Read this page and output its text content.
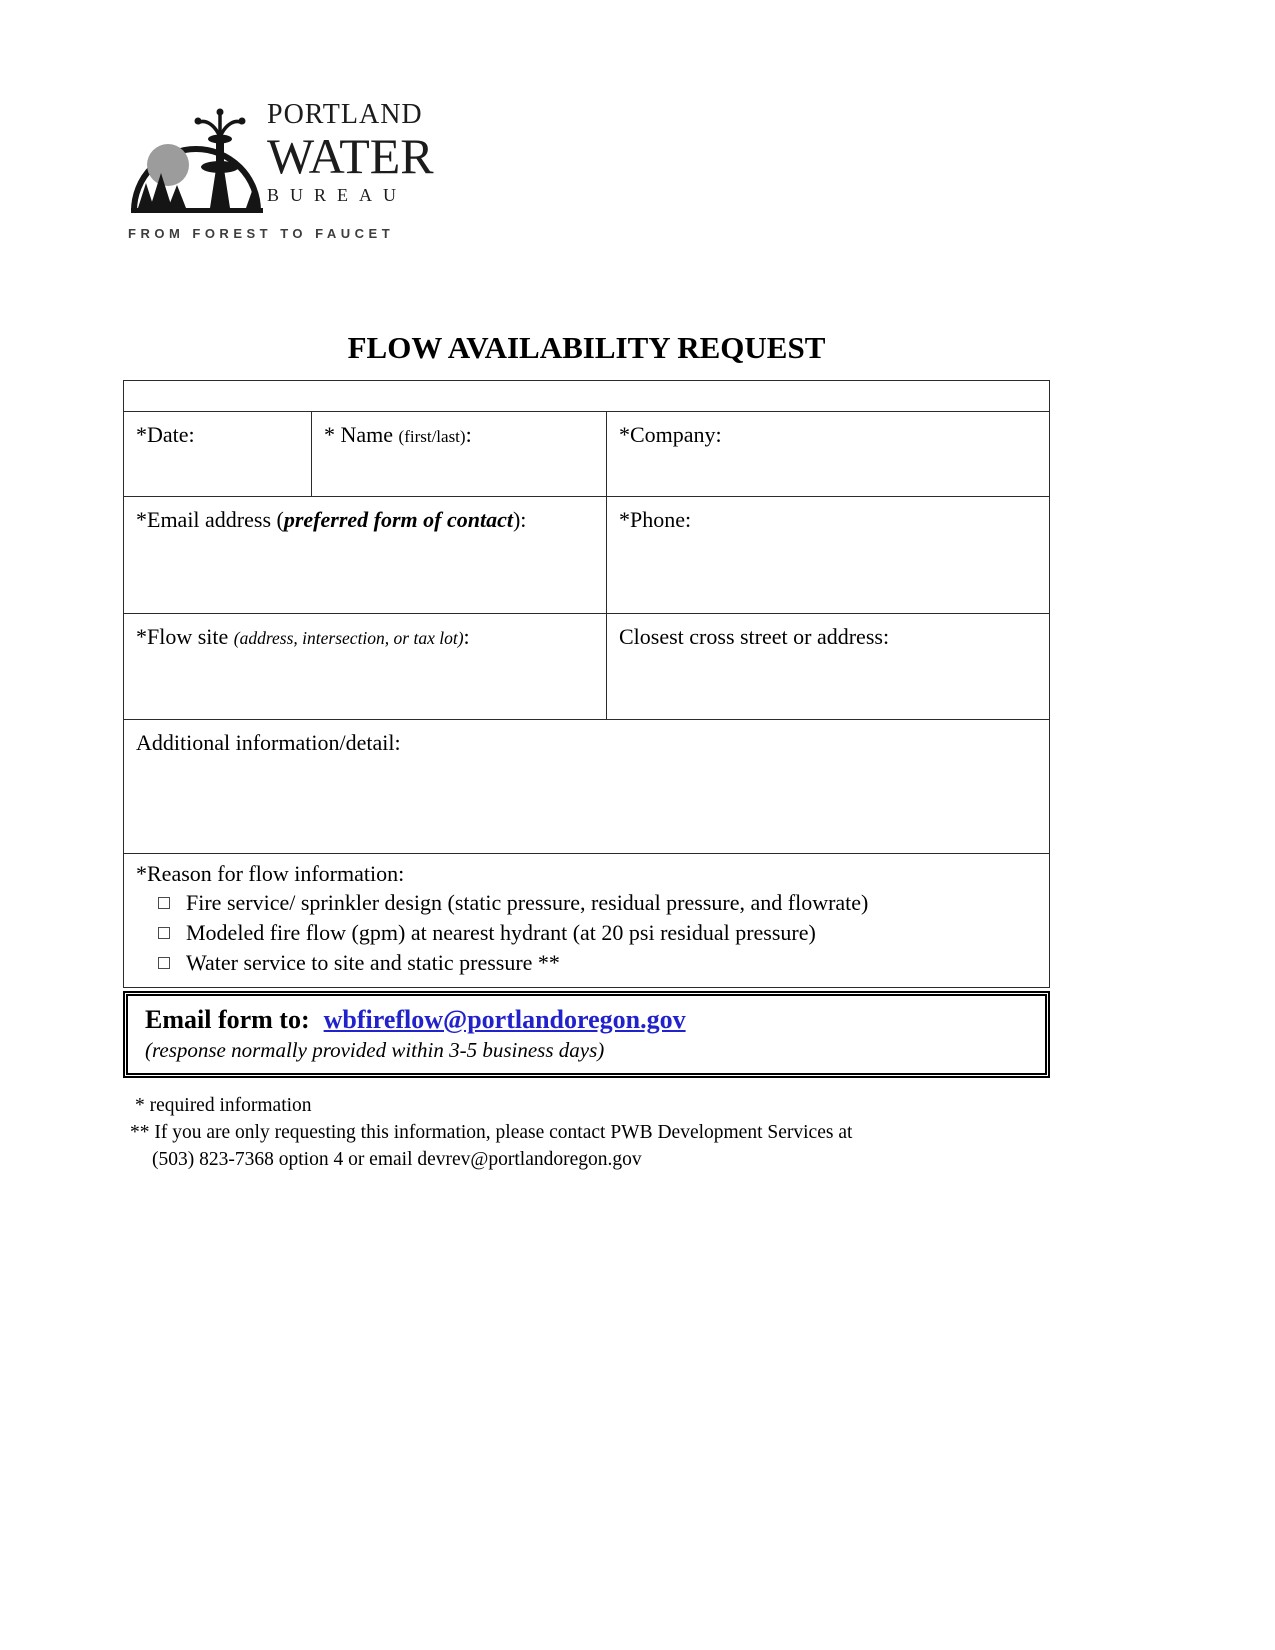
PORTLAND
WATER
BUREAU
FROM FOREST TO FAUCET
FLOW AVAILABILITY REQUEST
*Date:	* Name (first/last):	*Company:
*Email address (preferred form of contact):	*Phone:
*Flow site (address, intersection, or tax lot):	Closest cross street or address:
Additional information/detail:
*Reason for flow information:
Fire service/ sprinkler design (static pressure, residual pressure, and flowrate)
Modeled fire flow (gpm) at nearest hydrant (at 20 psi residual pressure)
Water service to site and static pressure **
Email form to: wbfireflow@portlandoregon.gov
(response normally provided within 3-5 business days)
* required information
** If you are only requesting this information, please contact PWB Development Services at
(503) 823-7368 option 4 or email devrev@portlandoregon.gov
